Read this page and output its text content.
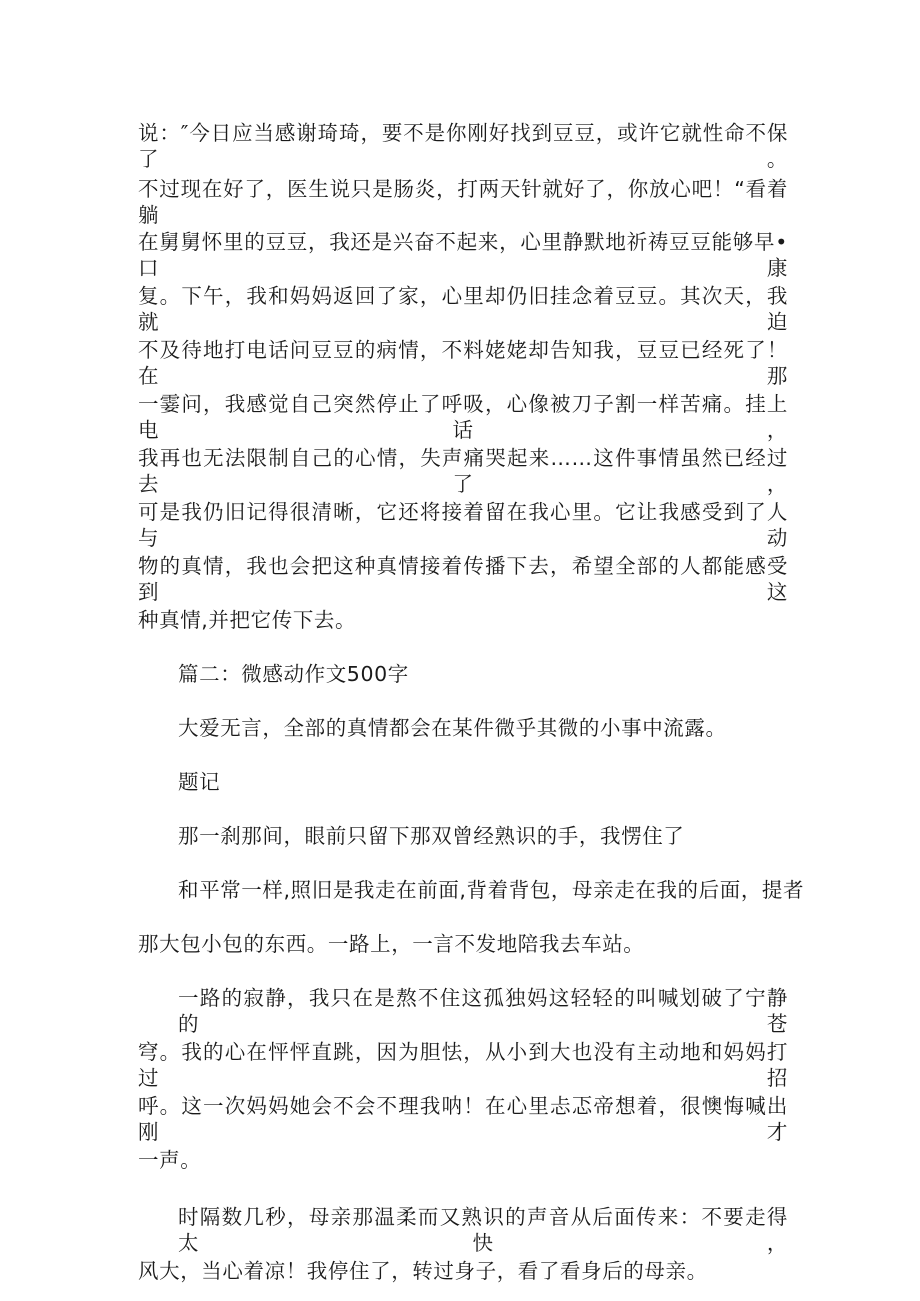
说：″今日应当感谢琦琦，要不是你刚好找到豆豆，或许它就性命不保了。
不过现在好了，医生说只是肠炎，打两天针就好了，你放心吧！“看着躺
在舅舅怀里的豆豆，我还是兴奋不起来，心里静默地祈祷豆豆能够早•口康
复。下午，我和妈妈返回了家，心里却仍旧挂念着豆豆。其次天，我就迫
不及待地打电话问豆豆的病情，不料姥姥却告知我，豆豆已经死了！在那
一霎问，我感觉自己突然停止了呼吸，心像被刀子割一样苦痛。挂上电话，
我再也无法限制自己的心情，失声痛哭起来……这件事情虽然已经过去了，
可是我仍旧记得很清晰，它还将接着留在我心里。它让我感受到了人与动
物的真情，我也会把这种真情接着传播下去，希望全部的人都能感受到这
种真情,并把它传下去。
篇二：微感动作文500字
大爱无言，全部的真情都会在某件微乎其微的小事中流露。
题记
那一刹那间，眼前只留下那双曾经熟识的手，我愣住了
和平常一样,照旧是我走在前面,背着背包，母亲走在我的后面，提者
那大包小包的东西。一路上，一言不发地陪我去车站。
一路的寂静，我只在是熬不住这孤独妈这轻轻的叫喊划破了宁静的苍
穹。我的心在怦怦直跳，因为胆怯，从小到大也没有主动地和妈妈打过招
呼。这一次妈妈她会不会不理我呐！在心里忐忑帝想着，很懊悔喊出刚才
一声。
时隔数几秒，母亲那温柔而又熟识的声音从后面传来：不要走得太快，
风大，当心着凉！我停住了，转过身子，看了看身后的母亲。
